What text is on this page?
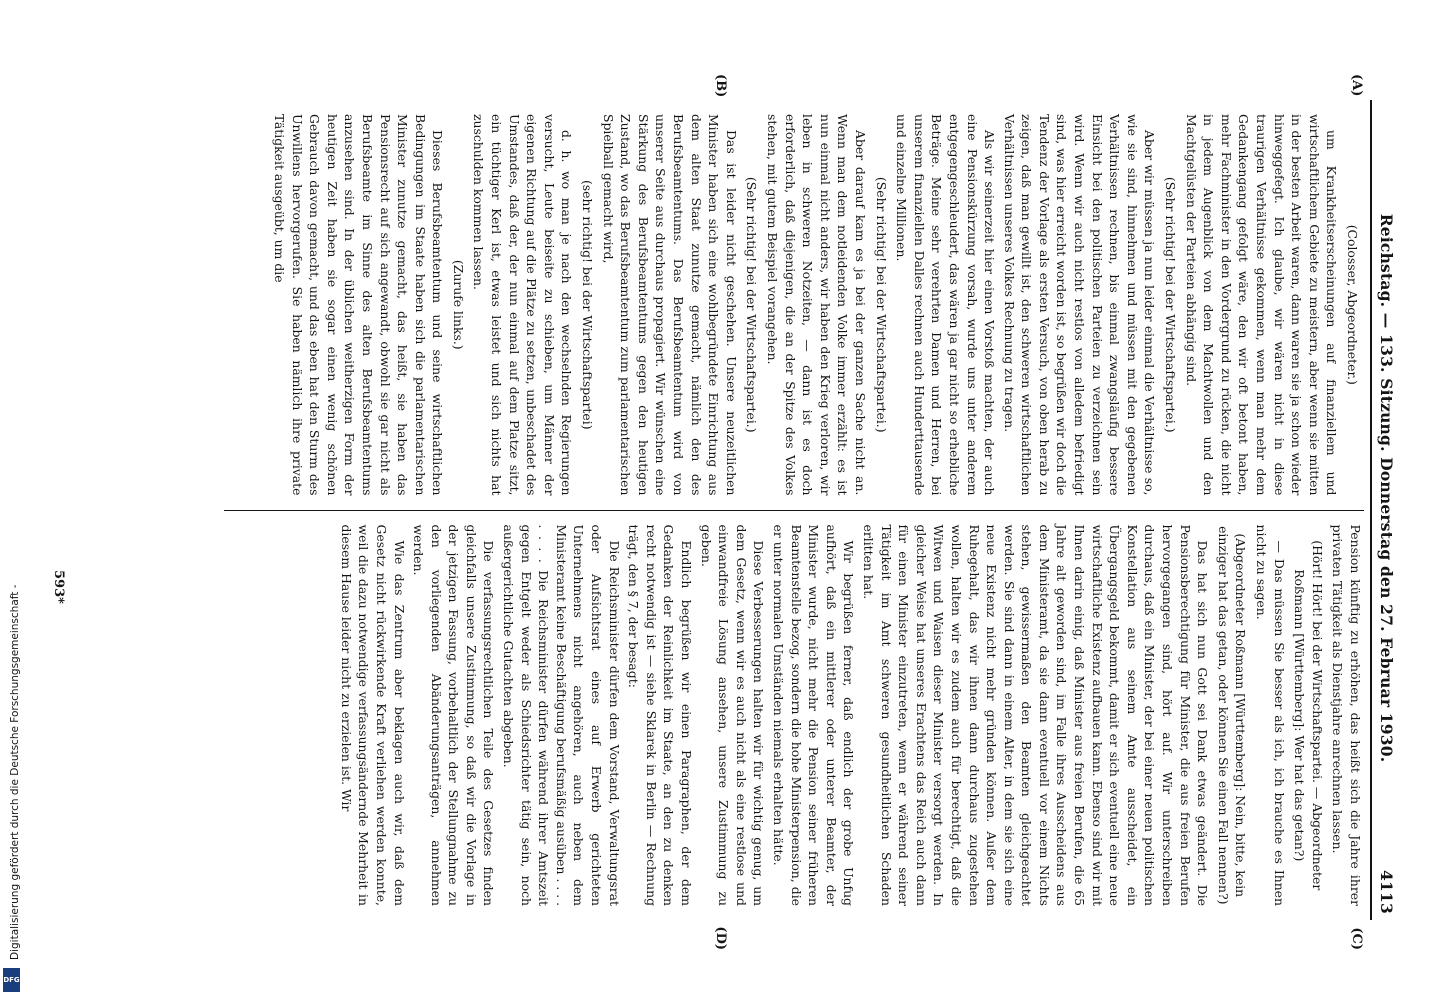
Digitalisierung gefördert durch die Deutsche Forschungsgemeinschaft -
DFG
Reichstag. — 133. Sitzung. Donnerstag den 27. Februar 1930.
4113

(Colosser, Abgeordneter.)

um Krankheitserscheinungen auf finanziellem und wirtschaftlichem Gebiete zu meistern, aber wenn sie mitten in der besten Arbeit waren, dann waren sie ja schon wieder hinweggefegt. Ich glaube, wir wären nicht in diese traurigen Verhältnisse gekommen, wenn man mehr dem Gedankengang gefolgt wäre, den wir oft betont haben, mehr Fachminister in den Vordergrund zu rücken, die nicht in jedem Augenblick von dem Machtwollen und den Machtgelüsten der Parteien abhängig sind.

(Sehr richtig! bei der Wirtschaftspartei.)

Aber wir müssen ja nun leider einmal die Verhältnisse so, wie sie sind, hinnehmen und müssen mit den gegebenen Verhältnissen rechnen, bis einmal zwangsläufig bessere Einsicht bei den politischen Parteien zu verzeichnen sein wird. Wenn wir auch nicht restlos von alledem befriedigt sind, was hier erreicht worden ist, so begrüßen wir doch die Tendenz der Vorlage als ersten Versuch, von oben herab zu zeigen, daß man gewillt ist, den schweren wirtschaftlichen Verhältnissen unseres Volkes Rechnung zu tragen.

Als wir seinerzeit hier einen Vorstoß machten, der auch eine Pensionskürzung vorsah, wurde uns unter anderem entgegengeschleudert, das wären ja gar nicht so erhebliche Beträge. Meine sehr verehrten Damen und Herren, bei unserem finanziellen Dalles rechnen auch Hunderttausende und einzelne Millionen.

(Sehr richtig! bei der Wirtschaftspartei.)

Aber darauf kam es ja bei der ganzen Sache nicht an. Wenn man dem notleidenden Volke immer erzählt: es ist nun einmal nicht anders, wir haben den Krieg verloren, wir leben in schweren Notzeiten, — dann ist es doch erforderlich, daß diejenigen, die an der Spitze des Volkes stehen, mit gutem Beispiel vorangehen.

(Sehr richtig! bei der Wirtschaftspartei.)

Das ist leider nicht geschehen. Unsere neuzeitlichen Minister haben sich eine wohlbegründete Einrichtung aus dem alten Staat zunutze gemacht, nämlich den des Berufsbeamtentums. Das Berufsbeamtentum wird von unserer Seite aus durchaus propagiert. Wir wünschen eine Stärkung des Berufsbeamtentums gegen den heutigen Zustand, wo das Berufsbeamtentum zum parlamentarischen Spielball gemacht wird,

(sehr richtig! bei der Wirtschaftspartei)

d. h. wo man je nach den wechselnden Regierungen versucht, Leute beiseite zu schieben, um Männer der eigenen Richtung auf die Plätze zu setzen, unbeschadet des Umstandes, daß der, der nun einmal auf dem Platze sitzt, ein tüchtiger Kerl ist, etwas leistet und sich nichts hat zuschulden kommen lassen.

(Zurufe links.)

Dieses Berufsbeamtentum und seine wirtschaftlichen Bedingungen im Staate haben sich die parlamentarischen Minister zunutze gemacht, das heißt, sie haben das Pensionsrecht auf sich angewandt, obwohl sie gar nicht als Berufsbeamte im Sinne des alten Berufsbeamtentums anzusehen sind. In der üblichen weitherzigen Form der heutigen Zeit haben sie sogar einen wenig schönen Gebrauch davon gemacht, und das eben hat den Sturm des Unwillens hervorgerufen. Sie haben nämlich ihre private Tätigkeit ausgeübt, um die

Pension künftig zu erhöhen, das heißt sich die Jahre ihrer privaten Tätigkeit als Dienstjahre anrechnen lassen.

(Hört! Hört! bei der Wirtschaftspartei. — Abgeordneter Roßmann [Württemberg]: Wer hat das getan?)

— Das müssen Sie besser als ich, ich brauche es Ihnen nicht zu sagen.

(Abgeordneter Roßmann [Württemberg]: Nein, bitte, kein einziger hat das getan, oder können Sie einen Fall nennen?)

Das hat sich nun Gott sei Dank etwas geändert. Die Pensionsberechtigung für Minister, die aus freien Berufen hervorgegangen sind, hört auf. Wir unterschreiben durchaus, daß ein Minister, der bei einer neuen politischen Konstellation aus seinem Amte ausscheidet, ein Übergangsgeld bekommt, damit er sich eventuell eine neue wirtschaftliche Existenz aufbauen kann. Ebenso sind wir mit Ihnen darin einig, daß Minister aus freien Berufen, die 65 Jahre alt geworden sind, im Falle ihres Ausscheidens aus dem Ministeramt, da sie dann eventuell vor einem Nichts stehen, gewissermaßen den Beamten gleichgeachtet werden. Sie sind dann in einem Alter, in dem sie sich eine neue Existenz nicht mehr gründen können. Außer dem Ruhegehalt, das wir ihnen dann durchaus zugestehen wollen, halten wir es zudem auch für berechtigt, daß die Witwen und Waisen dieser Minister versorgt werden. In gleicher Weise hat unseres Erachtens das Reich auch dann für einen Minister einzutreten, wenn er während seiner Tätigkeit im Amt schweren gesundheitlichen Schaden erlitten hat.

Wir begrüßen ferner, daß endlich der grobe Unfug aufhört, daß ein mittlerer oder unterer Beamter, der Minister wurde, nicht mehr die Pension seiner früheren Beamtenstelle bezog, sondern die hohe Ministerpension, die er unter normalen Umständen niemals erhalten hätte.

Diese Verbesserungen halten wir für wichtig genug, um dem Gesetz, wenn wir es auch nicht als eine restlose und einwandfreie Lösung ansehen, unsere Zustimmung zu geben.

Endlich begrüßen wir einen Paragraphen, der dem Gedanken der Reinlichkeit im Staate, an den zu denken recht notwendig ist — siehe Sklarek in Berlin — Rechnung trägt, den § 7, der besagt:

Die Reichsminister dürfen dem Vorstand, Verwaltungsrat oder Aufsichtsrat eines auf Erwerb gerichteten Unternehmens nicht angehören, auch neben dem Ministeramt keine Beschäftigung berufsmäßig ausüben . . . . . . . . Die Reichsminister dürfen während ihrer Amtszeit gegen Entgelt weder als Schiedsrichter tätig sein, noch außergerichtliche Gutachten abgeben.

Die verfassungsrechtlichen Teile des Gesetzes finden gleichfalls unsere Zustimmung, so daß wir die Vorlage in der jetzigen Fassung, vorbehaltlich der Stellungnahme zu den vorliegenden Abänderungsanträgen, annehmen werden.

Wie das Zentrum aber beklagen auch wir, daß dem Gesetz nicht rückwirkende Kraft verliehen werden konnte, weil die dazu notwendige verfassungsändernde Mehrheit in diesem Hause leider nicht zu erzielen ist. Wir

(A)
(B)
(C)
(D)
593*
